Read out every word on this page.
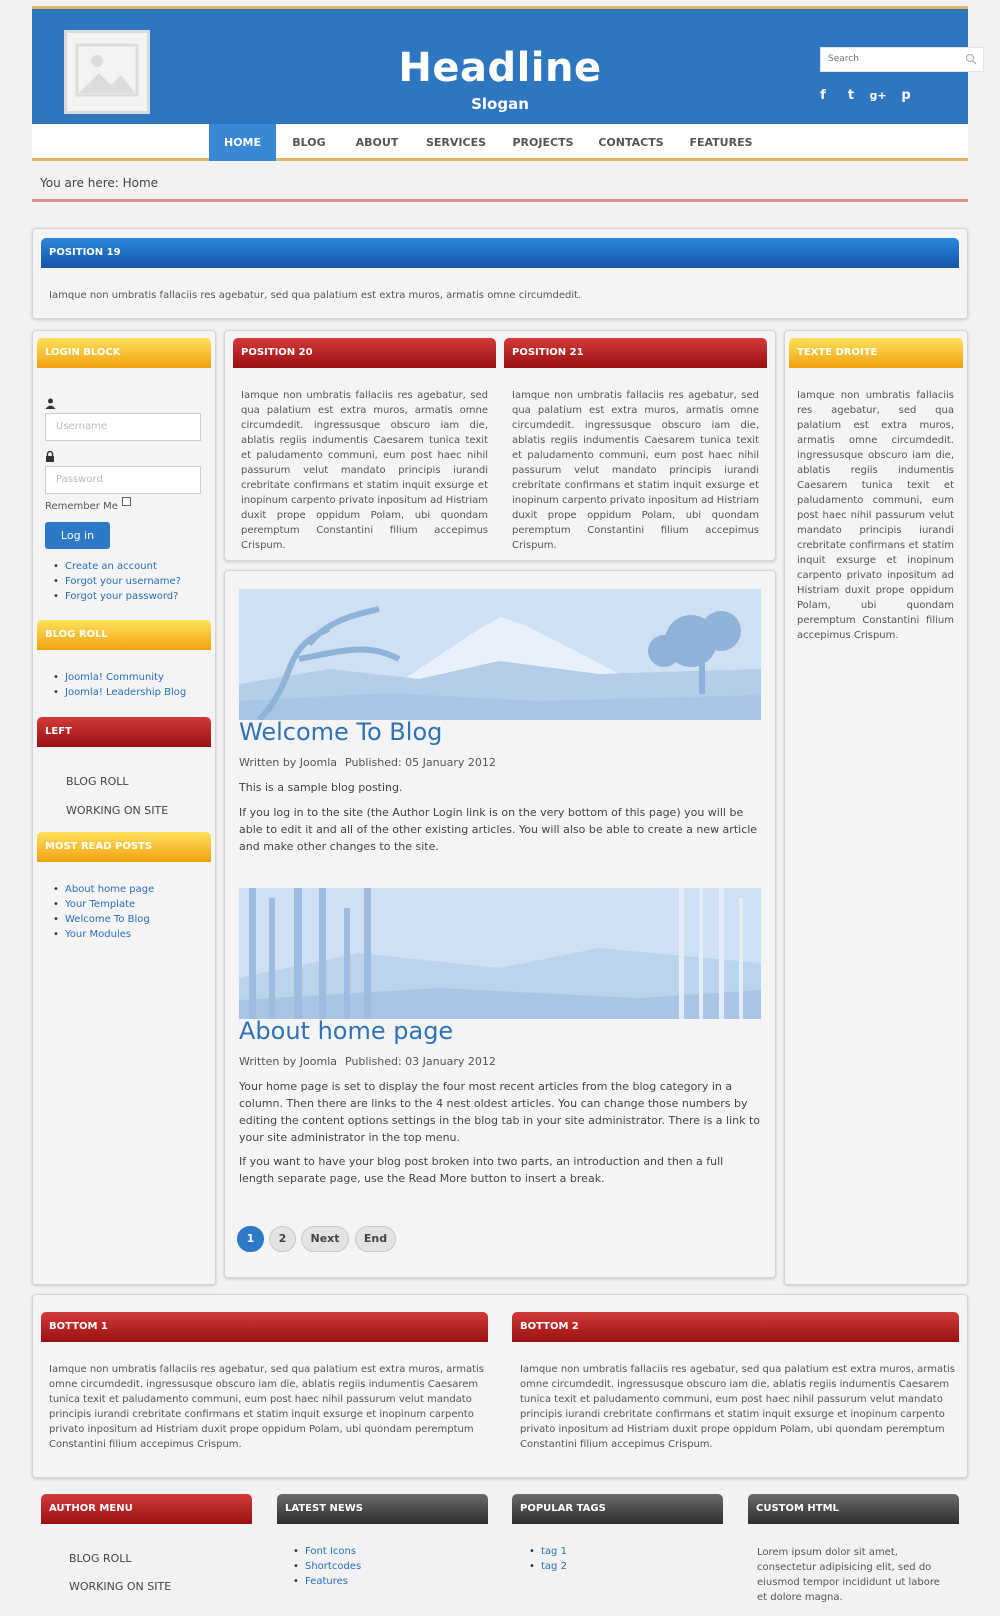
Headline
Slogan
Search	f	t	g+	p
HOME	BLOG	ABOUT	SERVICES	PROJECTS	CONTACTS	FEATURES
You are here: Home
POSITION 19
Iamque non umbratis fallaciis res agebatur, sed qua palatium est extra muros, armatis omne circumdedit.
LOGIN BLOCK
Username
Password
Remember Me
Log in
• Create an account
• Forgot your username?
• Forgot your password?
BLOG ROLL
• Joomla! Community
• Joomla! Leadership Blog
LEFT
BLOG ROLL
WORKING ON SITE
MOST READ POSTS
• About home page
• Your Template
• Welcome To Blog
• Your Modules
POSITION 20
Iamque non umbratis fallaciis res agebatur, sed qua palatium est extra muros, armatis omne circumdedit. ingressusque obscuro iam die, ablatis regiis indumentis Caesarem tunica texit et paludamento communi, eum post haec nihil passurum velut mandato principis iurandi crebritate confirmans et statim inquit exsurge et inopinum carpento privato inpositum ad Histriam duxit prope oppidum Polam, ubi quondam peremptum Constantini filium accepimus Crispum.
POSITION 21
Iamque non umbratis fallaciis res agebatur, sed qua palatium est extra muros, armatis omne circumdedit. ingressusque obscuro iam die, ablatis regiis indumentis Caesarem tunica texit et paludamento communi, eum post haec nihil passurum velut mandato principis iurandi crebritate confirmans et statim inquit exsurge et inopinum carpento privato inpositum ad Histriam duxit prope oppidum Polam, ubi quondam peremptum Constantini filium accepimus Crispum.
TEXTE DROITE
Iamque non umbratis fallaciis res agebatur, sed qua palatium est extra muros, armatis omne circumdedit. ingressusque obscuro iam die, ablatis regiis indumentis Caesarem tunica texit et paludamento communi, eum post haec nihil passurum velut mandato principis iurandi crebritate confirmans et statim inquit exsurge et inopinum carpento privato inpositum ad Histriam duxit prope oppidum Polam, ubi quondam peremptum Constantini filium accepimus Crispum.
Welcome To Blog
Written by Joomla Published: 05 January 2012
This is a sample blog posting.
If you log in to the site (the Author Login link is on the very bottom of this page) you will be able to edit it and all of the other existing articles. You will also be able to create a new article and make other changes to the site.
About home page
Written by Joomla Published: 03 January 2012
Your home page is set to display the four most recent articles from the blog category in a column. Then there are links to the 4 nest oldest articles. You can change those numbers by editing the content options settings in the blog tab in your site administrator. There is a link to your site administrator in the top menu.
If you want to have your blog post broken into two parts, an introduction and then a full length separate page, use the Read More button to insert a break.
1	2	Next	End
BOTTOM 1
Iamque non umbratis fallaciis res agebatur, sed qua palatium est extra muros, armatis omne circumdedit. ingressusque obscuro iam die, ablatis regiis indumentis Caesarem tunica texit et paludamento communi, eum post haec nihil passurum velut mandato principis iurandi crebritate confirmans et statim inquit exsurge et inopinum carpento privato inpositum ad Histriam duxit prope oppidum Polam, ubi quondam peremptum Constantini filium accepimus Crispum.
BOTTOM 2
Iamque non umbratis fallaciis res agebatur, sed qua palatium est extra muros, armatis omne circumdedit. ingressusque obscuro iam die, ablatis regiis indumentis Caesarem tunica texit et paludamento communi, eum post haec nihil passurum velut mandato principis iurandi crebritate confirmans et statim inquit exsurge et inopinum carpento privato inpositum ad Histriam duxit prope oppidum Polam, ubi quondam peremptum Constantini filium accepimus Crispum.
AUTHOR MENU
BLOG ROLL
WORKING ON SITE
LATEST NEWS
• Font Icons
• Shortcodes
• Features
POPULAR TAGS
• tag 1
• tag 2
CUSTOM HTML
Lorem ipsum dolor sit amet, consectetur adipisicing elit, sed do eiusmod tempor incididunt ut labore et dolore magna.
